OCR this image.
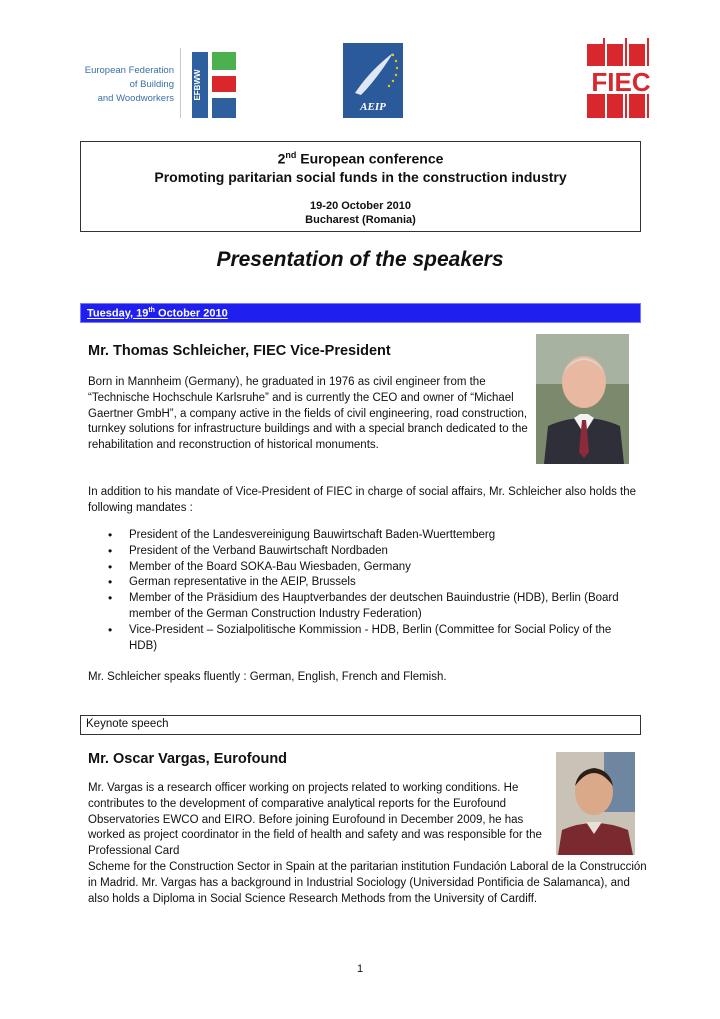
European Federation
of Building
and Woodworkers EFBWW
AEIP
FIEC
2nd European conference
Promoting paritarian social funds in the construction industry
19-20 October 2010
Bucharest (Romania)
Presentation of the speakers
Tuesday, 19th October 2010
Mr. Thomas Schleicher, FIEC Vice-President
Born in Mannheim (Germany), he graduated in 1976 as civil engineer from the “Technische Hochschule Karlsruhe” and is currently the CEO and owner of “Michael Gaertner GmbH”, a company active in the fields of civil engineering, road construction, turnkey solutions for infrastructure buildings and with a special branch dedicated to the rehabilitation and reconstruction of historical monuments.
In addition to his mandate of Vice-President of FIEC in charge of social affairs, Mr. Schleicher also holds the following mandates :
• President of the Landesvereinigung Bauwirtschaft Baden-Wuerttemberg
• President of the Verband Bauwirtschaft Nordbaden
• Member of the Board SOKA-Bau Wiesbaden, Germany
• German representative in the AEIP, Brussels
• Member of the Präsidium des Hauptverbandes der deutschen Bauindustrie (HDB), Berlin (Board member of the German Construction Industry Federation)
• Vice-President – Sozialpolitische Kommission - HDB, Berlin (Committee for Social Policy of the HDB)
Mr. Schleicher speaks fluently : German, English, French and Flemish.
Keynote speech
Mr. Oscar Vargas, Eurofound
Mr. Vargas is a research officer working on projects related to working conditions. He contributes to the development of comparative analytical reports for the Eurofound Observatories EWCO and EIRO. Before joining Eurofound in December 2009, he has worked as project coordinator in the field of health and safety and was responsible for the Professional Card
Scheme for the Construction Sector in Spain at the paritarian institution Fundación Laboral de la Construcción in Madrid. Mr. Vargas has a background in Industrial Sociology (Universidad Pontificia de Salamanca), and also holds a Diploma in Social Science Research Methods from the University of Cardiff.
1
